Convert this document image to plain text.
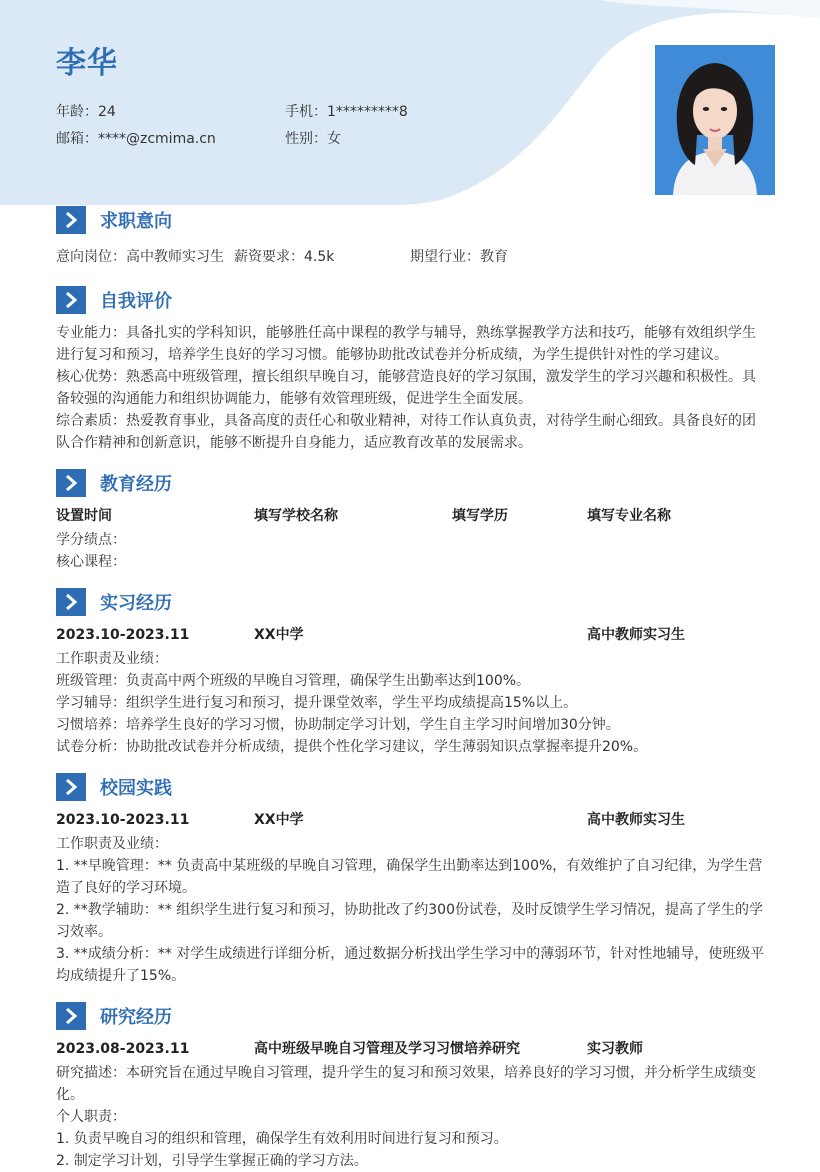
李华
年龄：24	手机：1*********8
邮箱：****@zcmima.cn	性别：女
求职意向
意向岗位：高中教师实习生 薪资要求：4.5k	期望行业：教育
自我评价
专业能力：具备扎实的学科知识，能够胜任高中课程的教学与辅导，熟练掌握教学方法和技巧，能够有效组织学生进行复习和预习，培养学生良好的学习习惯。能够协助批改试卷并分析成绩，为学生提供针对性的学习建议。
核心优势：熟悉高中班级管理，擅长组织早晚自习，能够营造良好的学习氛围，激发学生的学习兴趣和积极性。具备较强的沟通能力和组织协调能力，能够有效管理班级，促进学生全面发展。
综合素质：热爱教育事业，具备高度的责任心和敬业精神，对待工作认真负责，对待学生耐心细致。具备良好的团队合作精神和创新意识，能够不断提升自身能力，适应教育改革的发展需求。
教育经历
设置时间	填写学校名称	填写学历	填写专业名称
学分绩点：
核心课程：
实习经历
2023.10-2023.11	XX中学	高中教师实习生
工作职责及业绩：
班级管理：负责高中两个班级的早晚自习管理，确保学生出勤率达到100%。
学习辅导：组织学生进行复习和预习，提升课堂效率，学生平均成绩提高15%以上。
习惯培养：培养学生良好的学习习惯，协助制定学习计划，学生自主学习时间增加30分钟。
试卷分析：协助批改试卷并分析成绩，提供个性化学习建议，学生薄弱知识点掌握率提升20%。
校园实践
2023.10-2023.11	XX中学	高中教师实习生
工作职责及业绩：
1. **早晚管理：** 负责高中某班级的早晚自习管理，确保学生出勤率达到100%，有效维护了自习纪律，为学生营造了良好的学习环境。
2. **教学辅助：** 组织学生进行复习和预习，协助批改了约300份试卷，及时反馈学生学习情况，提高了学生的学习效率。
3. **成绩分析：** 对学生成绩进行详细分析，通过数据分析找出学生学习中的薄弱环节，针对性地辅导，使班级平均成绩提升了15%。
研究经历
2023.08-2023.11	高中班级早晚自习管理及学习习惯培养研究	实习教师
研究描述：本研究旨在通过早晚自习管理，提升学生的复习和预习效果，培养良好的学习习惯，并分析学生成绩变化。
个人职责：
1. 负责早晚自习的组织和管理，确保学生有效利用时间进行复习和预习。
2. 制定学习计划，引导学生掌握正确的学习方法。
